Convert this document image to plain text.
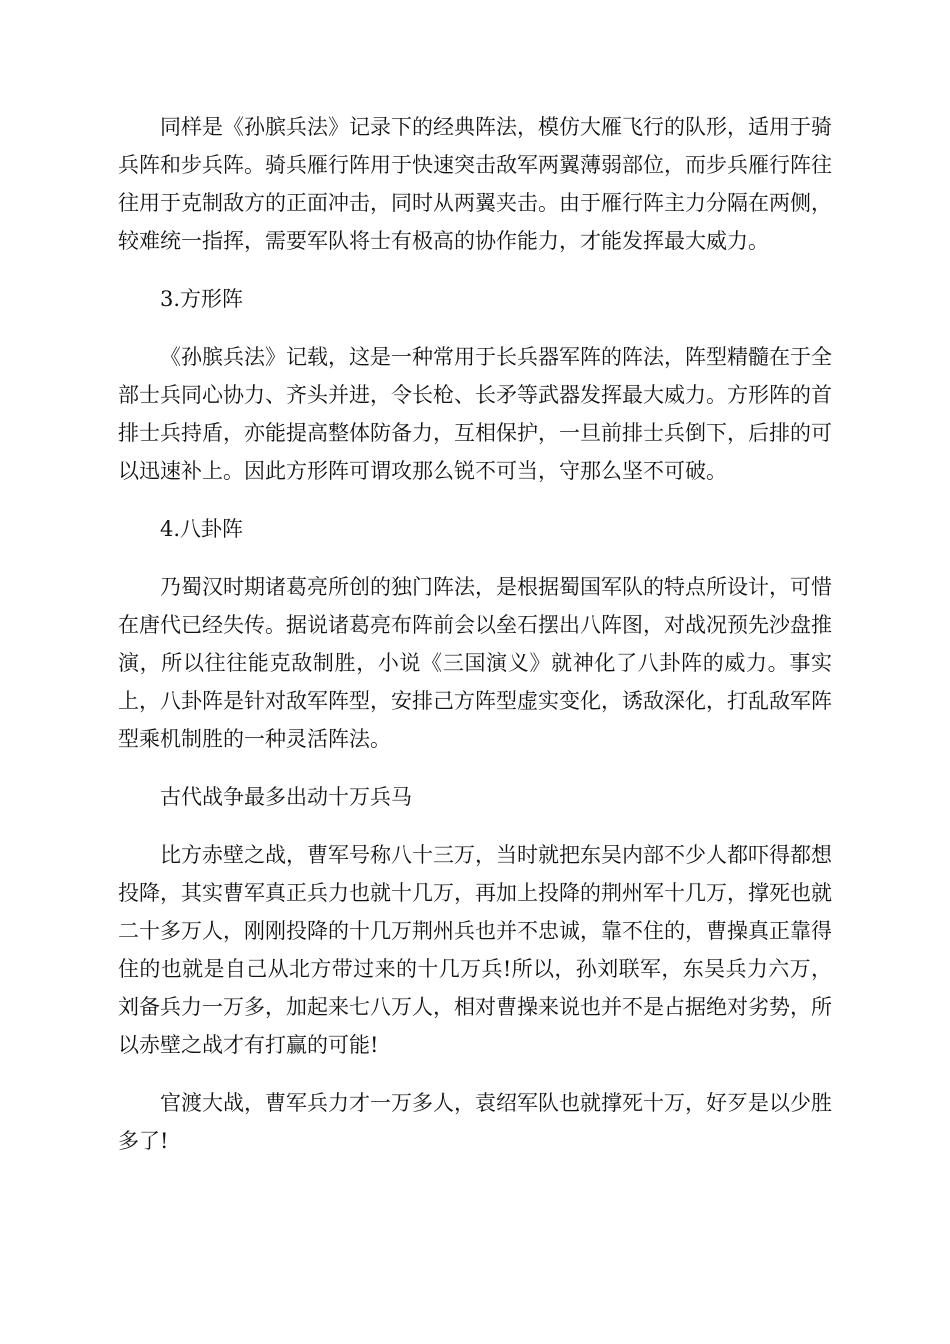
同样是《孙膑兵法》记录下的经典阵法，模仿大雁飞行的队形，适用于骑兵阵和步兵阵。骑兵雁行阵用于快速突击敌军两翼薄弱部位，而步兵雁行阵往往用于克制敌方的正面冲击，同时从两翼夹击。由于雁行阵主力分隔在两侧，较难统一指挥，需要军队将士有极高的协作能力，才能发挥最大威力。

3.方形阵

《孙膑兵法》记载，这是一种常用于长兵器军阵的阵法，阵型精髓在于全部士兵同心协力、齐头并进，令长枪、长矛等武器发挥最大威力。方形阵的首排士兵持盾，亦能提高整体防备力，互相保护，一旦前排士兵倒下，后排的可以迅速补上。因此方形阵可谓攻那么锐不可当，守那么坚不可破。

4.八卦阵

乃蜀汉时期诸葛亮所创的独门阵法，是根据蜀国军队的特点所设计，可惜在唐代已经失传。据说诸葛亮布阵前会以垒石摆出八阵图，对战况预先沙盘推演，所以往往能克敌制胜，小说《三国演义》就神化了八卦阵的威力。事实上，八卦阵是针对敌军阵型，安排己方阵型虚实变化，诱敌深化，打乱敌军阵型乘机制胜的一种灵活阵法。

古代战争最多出动十万兵马

比方赤壁之战，曹军号称八十三万，当时就把东吴内部不少人都吓得都想投降，其实曹军真正兵力也就十几万，再加上投降的荆州军十几万，撑死也就二十多万人，刚刚投降的十几万荆州兵也并不忠诚，靠不住的，曹操真正靠得住的也就是自己从北方带过来的十几万兵!所以，孙刘联军，东吴兵力六万，刘备兵力一万多，加起来七八万人，相对曹操来说也并不是占据绝对劣势，所以赤壁之战才有打赢的可能!

官渡大战，曹军兵力才一万多人，袁绍军队也就撑死十万，好歹是以少胜多了!
